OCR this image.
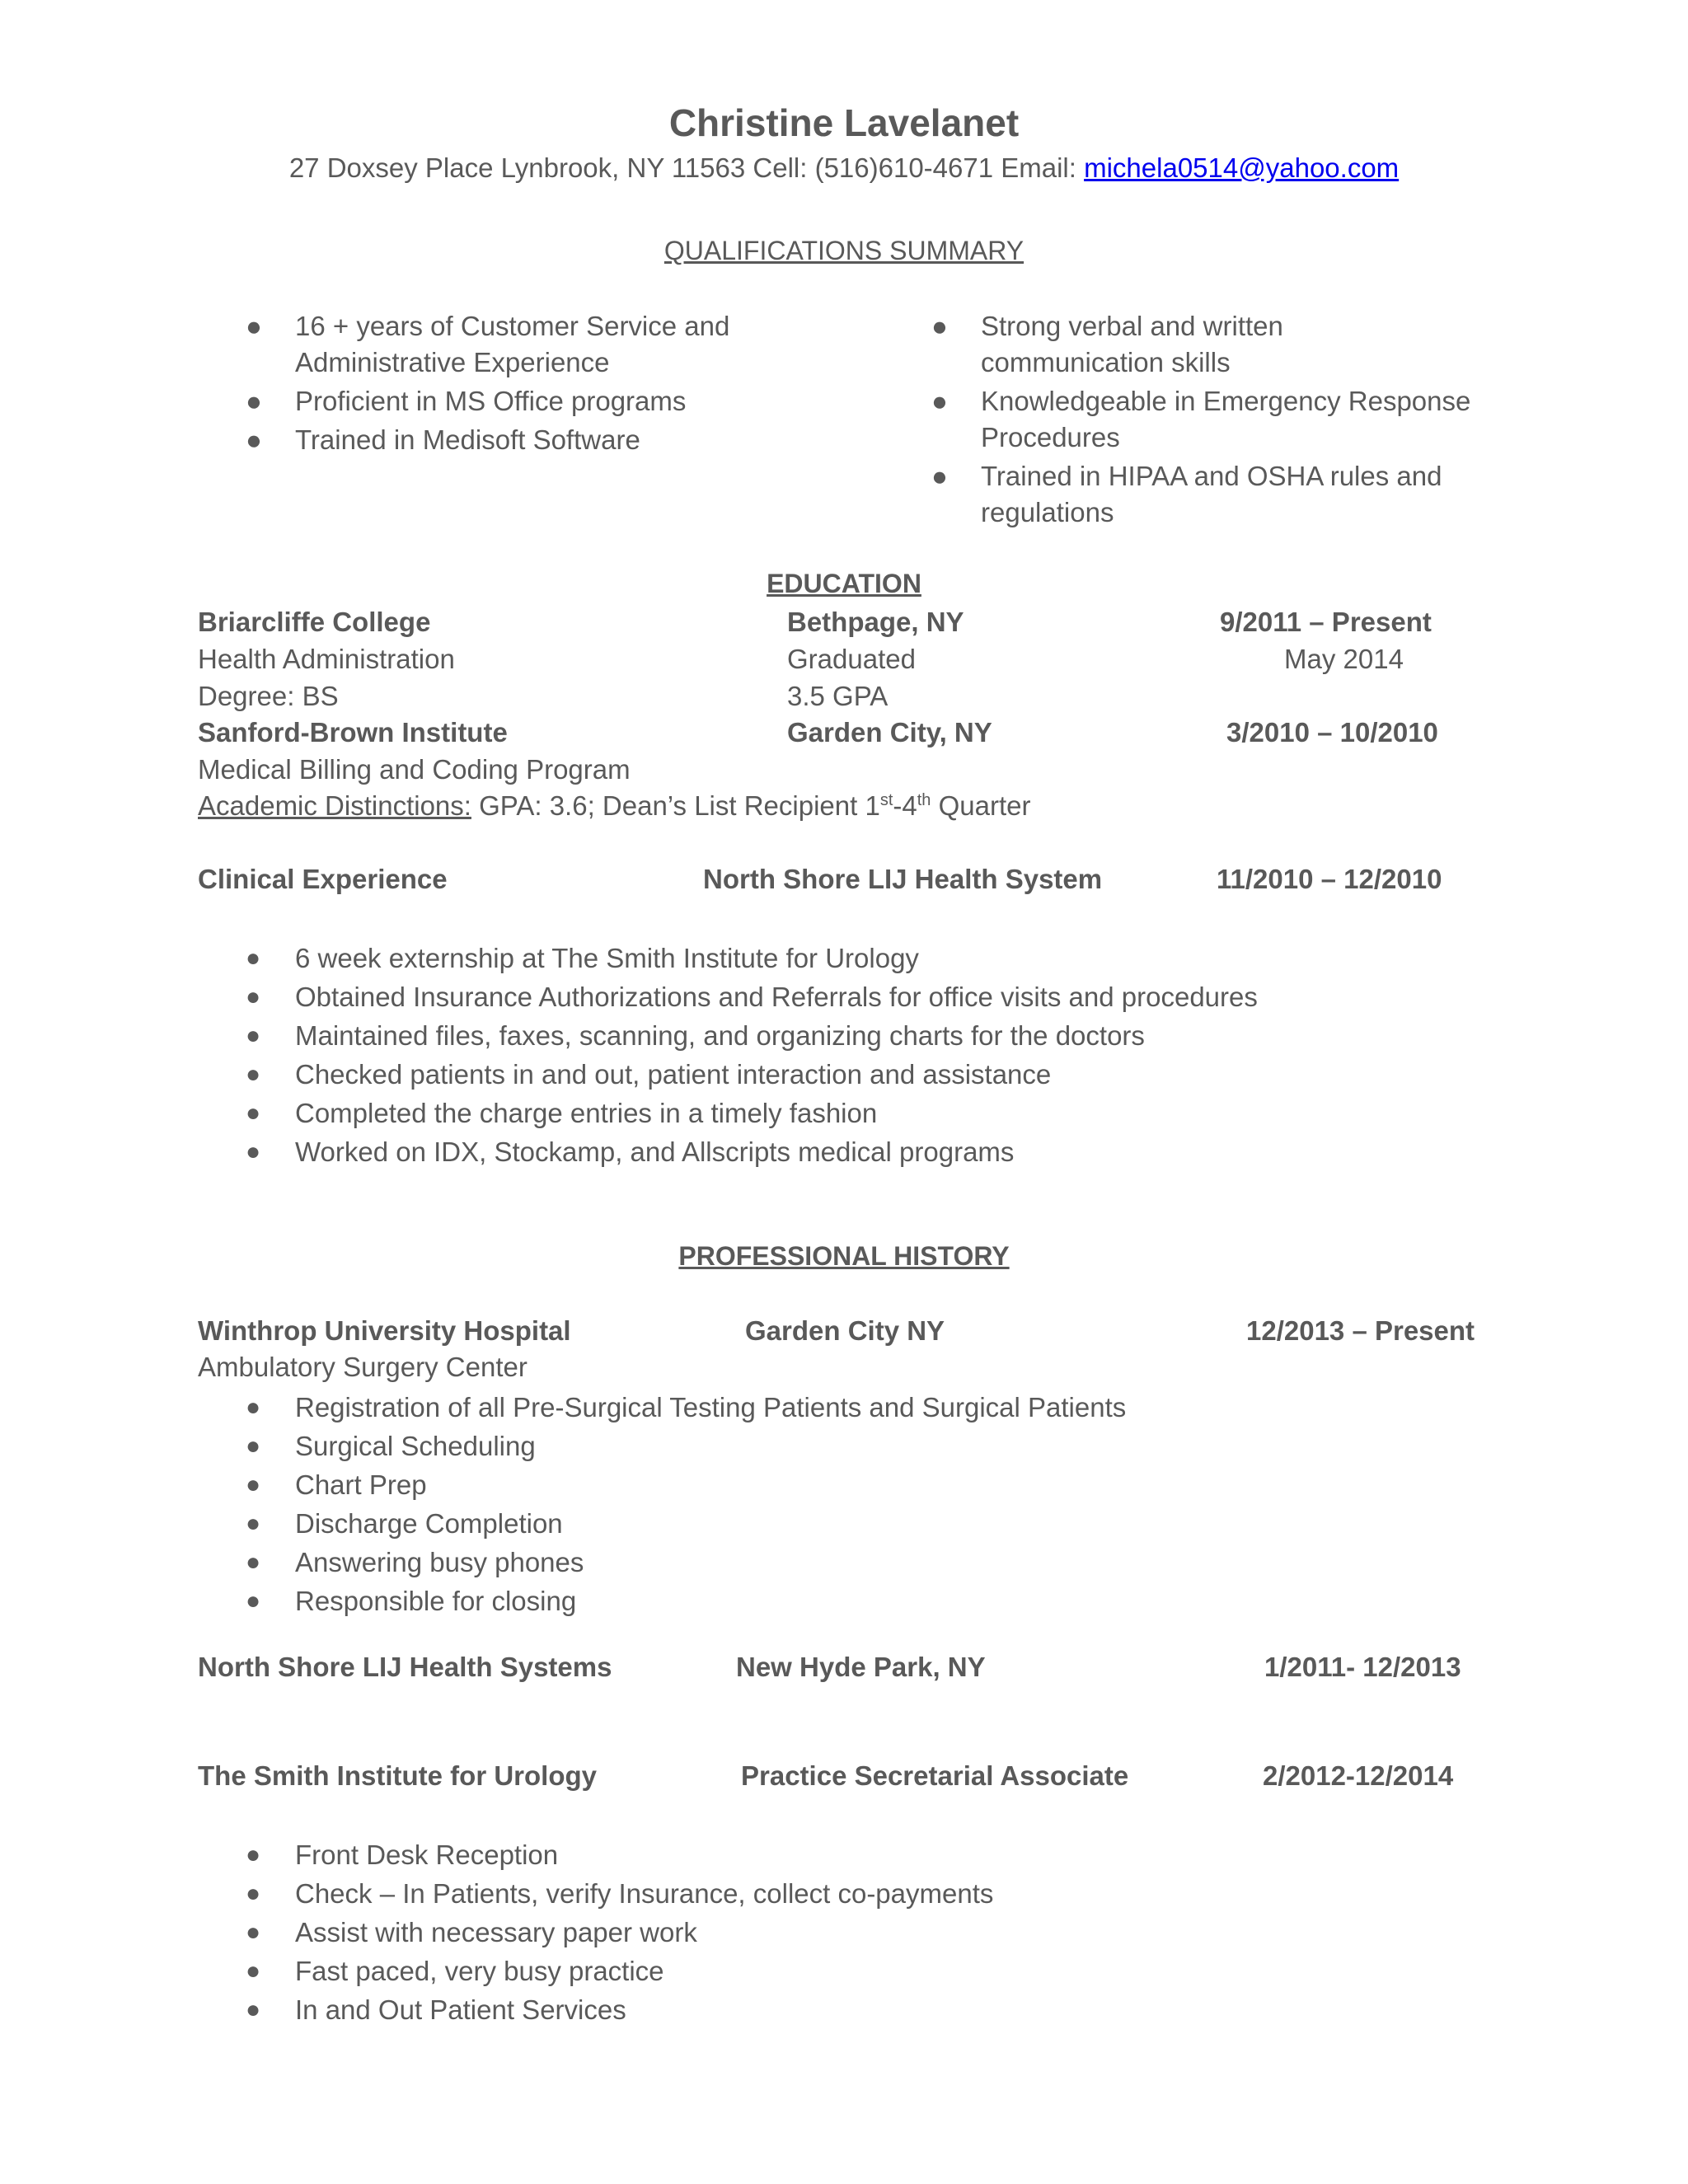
Christine Lavelanet
27 Doxsey Place Lynbrook, NY 11563 Cell: (516)610-4671 Email: michela0514@yahoo.com
QUALIFICATIONS SUMMARY
● 16 + years of Customer Service and
Administrative Experience
●	Proficient in MS Office programs
●	Trained in Medisoft Software
● Strong verbal and written
communication skills
● Knowledgeable in Emergency Response
Procedures
● Trained in HIPAA and OSHA rules and
regulations
EDUCATION
Briarcliffe College	Bethpage, NY	9/2011 – Present
Health Administration	Graduated	May 2014
Degree: BS	3.5 GPA
Sanford-Brown Institute	Garden City, NY	3/2010 – 10/2010
Medical Billing and Coding Program
Academic Distinctions: GPA: 3.6; Dean’s List Recipient 1st-4th Quarter
Clinical Experience	North Shore LIJ Health System	11/2010 – 12/2010
● 6 week externship at The Smith Institute for Urology
● Obtained Insurance Authorizations and Referrals for office visits and procedures
● Maintained files, faxes, scanning, and organizing charts for the doctors
● Checked patients in and out, patient interaction and assistance
● Completed the charge entries in a timely fashion
● Worked on IDX, Stockamp, and Allscripts medical programs
PROFESSIONAL HISTORY
Winthrop University Hospital	Garden City NY	12/2013 – Present
Ambulatory Surgery Center
● Registration of all Pre-Surgical Testing Patients and Surgical Patients
● Surgical Scheduling
● Chart Prep
● Discharge Completion
● Answering busy phones
● Responsible for closing
North Shore LIJ Health Systems	New Hyde Park, NY	1/2011- 12/2013
The Smith Institute for Urology	Practice Secretarial Associate	2/2012-12/2014
● Front Desk Reception
● Check – In Patients, verify Insurance, collect co-payments
● Assist with necessary paper work
● Fast paced, very busy practice
● In and Out Patient Services
